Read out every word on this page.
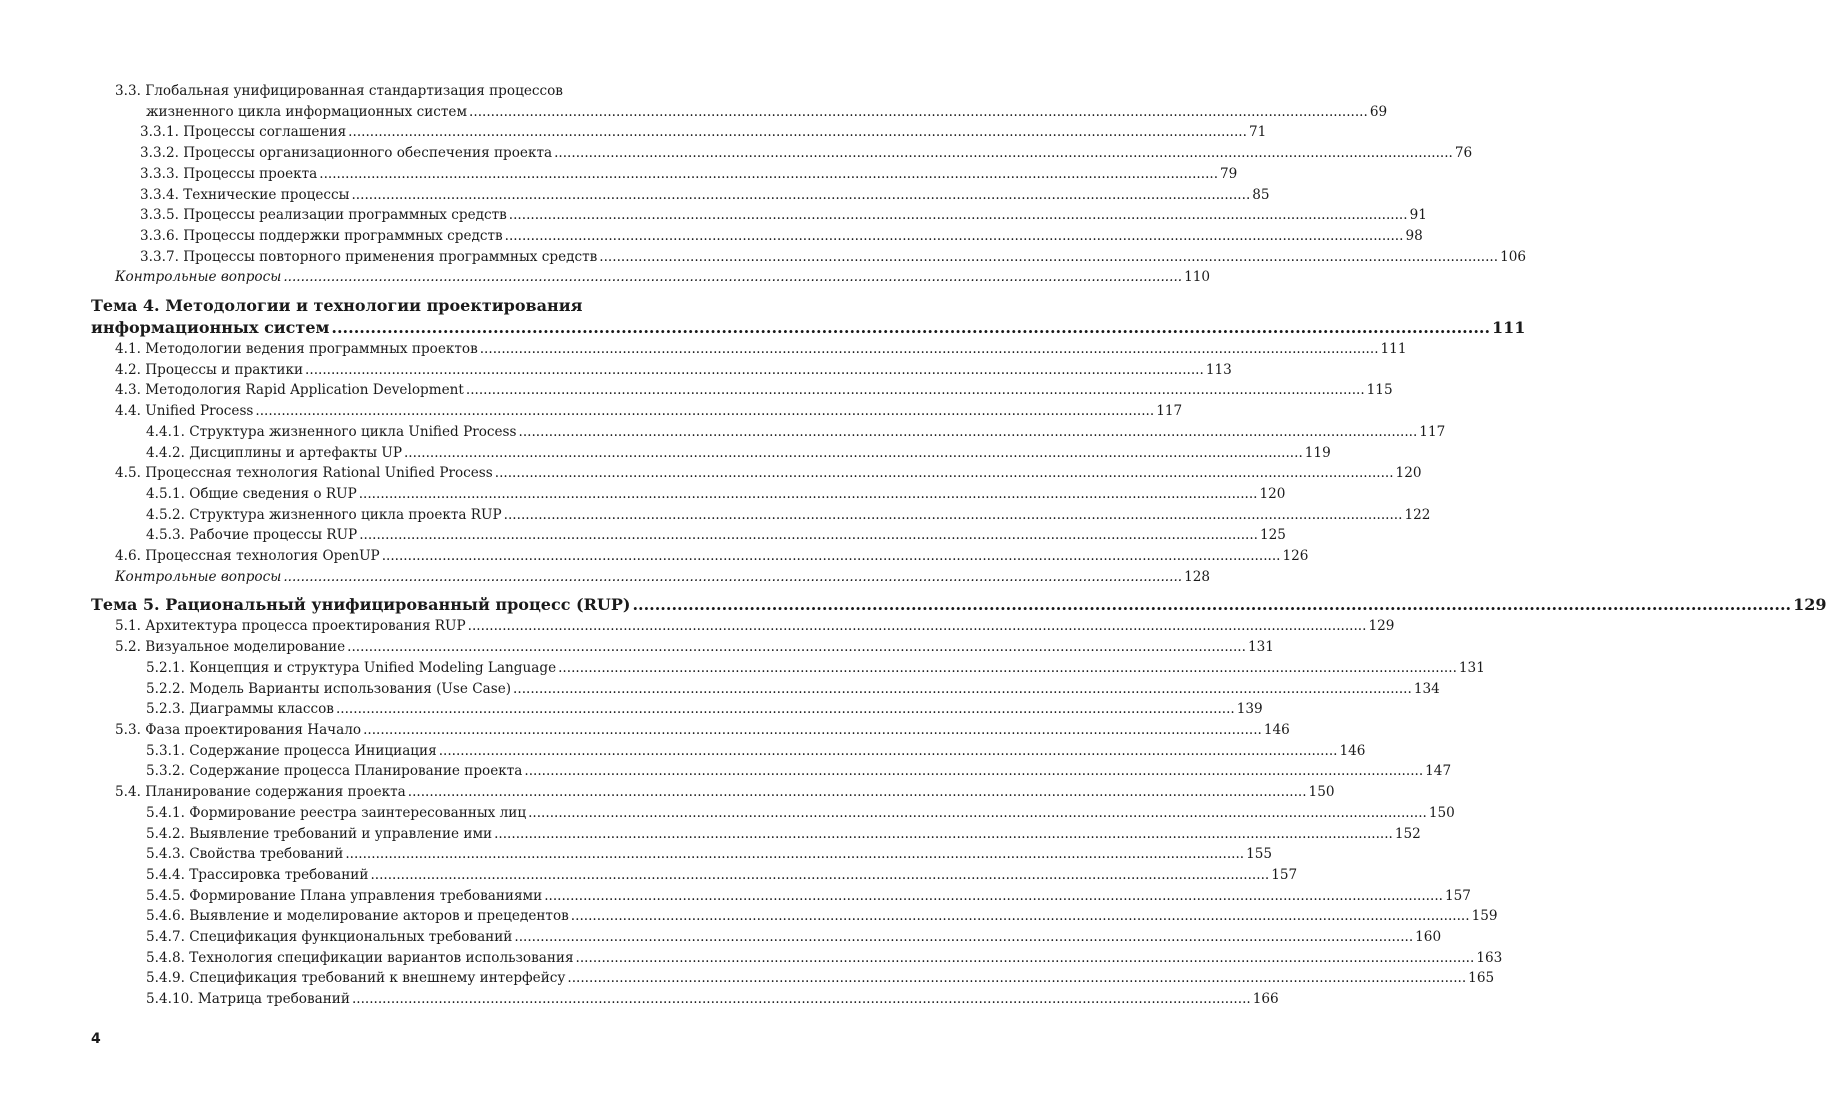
3.3. Глобальная унифицированная стандартизация процессов
жизненного цикла информационных систем .....	69
3.3.1. Процессы соглашения .....	71
3.3.2. Процессы организационного обеспечения проекта .....	76
3.3.3. Процессы проекта .....	79
3.3.4. Технические процессы .....	85
3.3.5. Процессы реализации программных средств .....	91
3.3.6. Процессы поддержки программных средств .....	98
3.3.7. Процессы повторного применения программных средств .....	106
Контрольные вопросы .....	110
Тема 4. Методологии и технологии проектирования
информационных систем .....	111
4.1. Методологии ведения программных проектов .....	111
4.2. Процессы и практики .....	113
4.3. Методология Rapid Application Development .....	115
4.4. Unified Process .....	117
4.4.1. Структура жизненного цикла Unified Process .....	117
4.4.2. Дисциплины и артефакты UP .....	119
4.5. Процессная технология Rational Unified Process .....	120
4.5.1. Общие сведения о RUP .....	120
4.5.2. Структура жизненного цикла проекта RUP .....	122
4.5.3. Рабочие процессы RUP .....	125
4.6. Процессная технология OpenUP .....	126
Контрольные вопросы .....	128
Тема 5. Рациональный унифицированный процесс (RUP) .....	129
5.1. Архитектура процесса проектирования RUP .....	129
5.2. Визуальное моделирование .....	131
5.2.1. Концепция и структура Unified Modeling Language .....	131
5.2.2. Модель Варианты использования (Use Case) .....	134
5.2.3. Диаграммы классов .....	139
5.3. Фаза проектирования Начало .....	146
5.3.1. Содержание процесса Инициация .....	146
5.3.2. Содержание процесса Планирование проекта .....	147
5.4. Планирование содержания проекта .....	150
5.4.1. Формирование реестра заинтересованных лиц .....	150
5.4.2. Выявление требований и управление ими .....	152
5.4.3. Свойства требований .....	155
5.4.4. Трассировка требований .....	157
5.4.5. Формирование Плана управления требованиями .....	157
5.4.6. Выявление и моделирование акторов и прецедентов .....	159
5.4.7. Спецификация функциональных требований .....	160
5.4.8. Технология спецификации вариантов использования .....	163
5.4.9. Спецификация требований к внешнему интерфейсу .....	165
5.4.10. Матрица требований .....	166
4
